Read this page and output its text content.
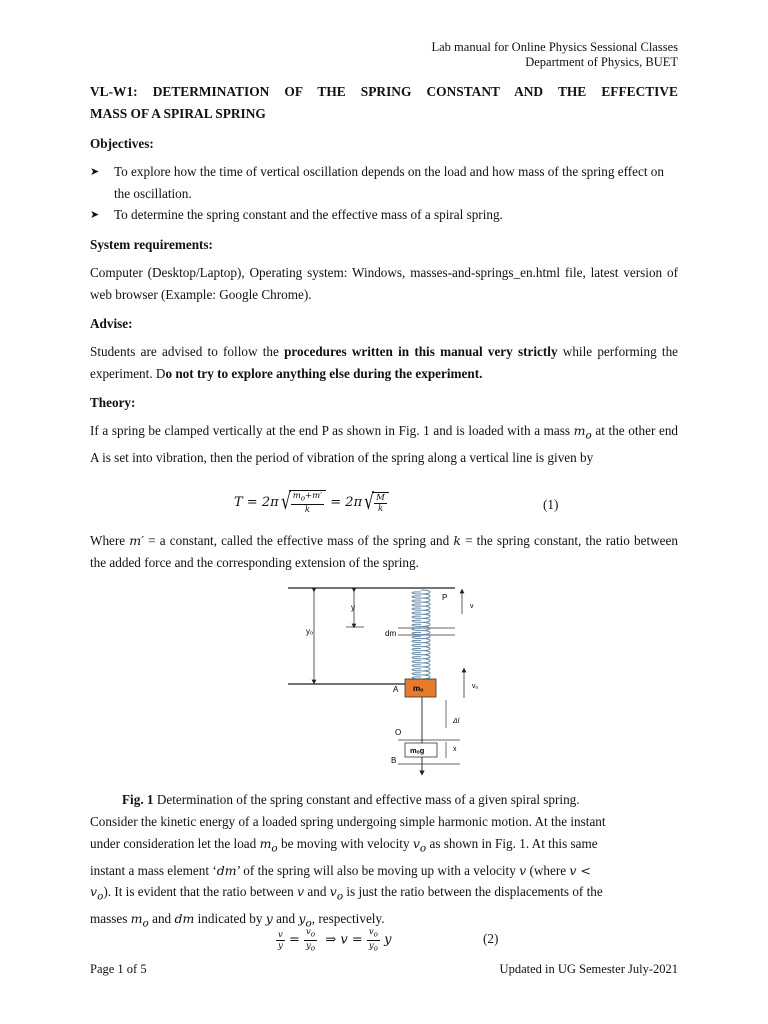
Lab manual for Online Physics Sessional Classes
Department of Physics, BUET
VL-W1: DETERMINATION OF THE SPRING CONSTANT AND THE EFFECTIVE
MASS OF A SPIRAL SPRING
Objectives:
➤ To explore how the time of vertical oscillation depends on the load and how mass of the spring effect on the oscillation.
➤ To determine the spring constant and the effective mass of a spiral spring.
System requirements:
Computer (Desktop/Laptop), Operating system: Windows, masses-and-springs_en.html file, latest version of web browser (Example: Google Chrome).
Advise:
Students are advised to follow the procedures written in this manual very strictly while performing the experiment. Do not try to explore anything else during the experiment.
Theory:
If a spring be clamped vertically at the end P as shown in Fig. 1 and is loaded with a mass $m_o$ at the other end A is set into vibration, then the period of vibration of the spring along a vertical line is given by
$T = 2\pi√ \frac{m_o+m'}{k} = 2\pi√ \frac{M}{k}$	(1)
Where m′ = a constant, called the effective mass of the spring and k = the spring constant, the ratio between the added force and the corresponding extension of the spring.
yₒ
y
dm
P
v
vₒ
mₒ
A
Δl
O
mₒg	x
B
Fig. 1 Determination of the spring constant and effective mass of a given spiral spring.
Consider the kinetic energy of a loaded spring undergoing simple harmonic motion. At the instant
under consideration let the load $m_o$ be moving with velocity $v_o$ as shown in Fig. 1. At this same
instant a mass element ‘dm’ of the spring will also be moving up with a velocity v (where v <
$v_o$). It is evident that the ratio between v and $v_o$ is just the ratio between the displacements of the
masses $m_o$ and dm indicated by y and $y_o$, respectively.
$\frac{v}{y} = \frac{v_o}{y_o}$ ⇒ $v = \frac{v_o}{y_o}$ y	(2)
Page 1 of 5	Updated in UG Semester July-2021
